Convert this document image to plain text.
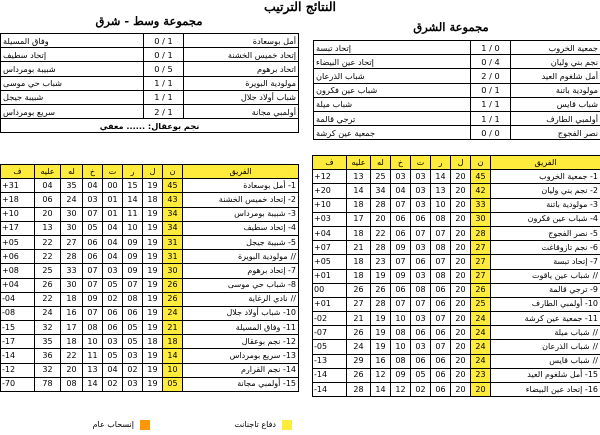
النتائج الترتيب
مجموعة وسط - شرق
أمل بوسعادة	1 / 0	وفاق المسيلة
إتحاد خميس الخشنة	1 / 0	إتحاد سطيف
اتحاد برهوم	5 / 0	شبيبة بومرداس
مولودية البويرة	1 / 1	شباب حي موسى
شباب أولاد جلال	1 / 1	شبيبة جيجل
أولمبي مجانة	1 / 2	سريع بومرداس
نجم بوعقال: ...... معفي		
الفريق	ن	ل	ر	ت	خ	له	عليه	ف
1- أمل بوسعادة	45	19	15	00	04	35	04	+31
2- إتحاد خميس الخشنة	43	18	14	01	03	24	06	+18
3- شبيبة بومرداس	34	19	11	01	07	30	20	+10
4- إتحاد سطيف	34	19	10	04	05	30	13	+17
5- شبيبة جيجل	31	19	09	04	06	27	22	+05
//مولودية البويرة	31	19	09	04	06	28	22	+06
7- إتحاد برهوم	30	19	09	03	07	33	25	+08
8- شباب حي موسى	26	19	07	05	07	30	26	+04
//نادي الرغاية	26	19	08	02	09	18	22	-04
10- شباب أولاد جلال	24	19	06	06	07	16	24	-08
11- وفاق المسيلة	21	19	05	06	08	17	32	-15
12- نجم بوعقال	18	18	05	03	10	18	35	-17
13- سريع بومرداس	14	19	03	05	11	22	36	-14
14- نجم القرارم	10	19	02	04	13	20	32	-12
15- أولمبي مجانة	05	19	03	02	14	08	78	-70
دفاع تاجنانت
إنسحاب عام
مجموعة الشرق
جمعية الخروب	0 / 1	إتحاد تبسة
نجم بني وليان	4 / 0	إتحاد عين البيضاء
أمل شلغوم العيد	0 / 2	شباب الذرعان
مولودية باتنة	1 / 0	شباب عين فكرون
شباب قايس	1 / 1	شباب ميلة
أولمبي الطارف	1 / 1	ترجي قالمة
نصر الفجوج	0 / 0	جمعية عين كرشة
الفريق	ن	ل	ر	ت	خ	له	عليه	ف
1- جمعية الخروب	45	20	14	03	03	25	13	+12
2- نجم بني وليان	42	20	13	03	04	34	14	+20
3- مولودية باتنة	33	20	10	03	07	28	18	+10
4- شباب عين فكرون	30	20	08	06	06	20	17	+03
5- نصر الفجوج	28	20	07	07	06	22	18	+04
6- نجم تازوقاغت	27	20	08	03	09	28	21	+07
7- إتحاد تبسة	27	20	07	06	07	23	18	+05
//شباب عين ياقوت	27	20	08	03	09	19	18	+01
9- ترجي قالمة	26	20	06	08	06	26	26	00
10- أولمبي الطارف	25	20	06	07	07	28	27	+01
11- جمعية عين كرشة	24	20	07	03	10	19	21	-02
//شباب ميلة	24	20	06	06	08	19	26	-07
//شباب الذرعان	24	20	07	03	10	19	24	-05
//شباب قايس	24	20	06	06	08	16	29	-13
15- أمل شلغوم العيد	23	20	06	05	09	12	26	-14
16- إتحاد عين البيضاء	20	20	06	02	12	14	28	-14
